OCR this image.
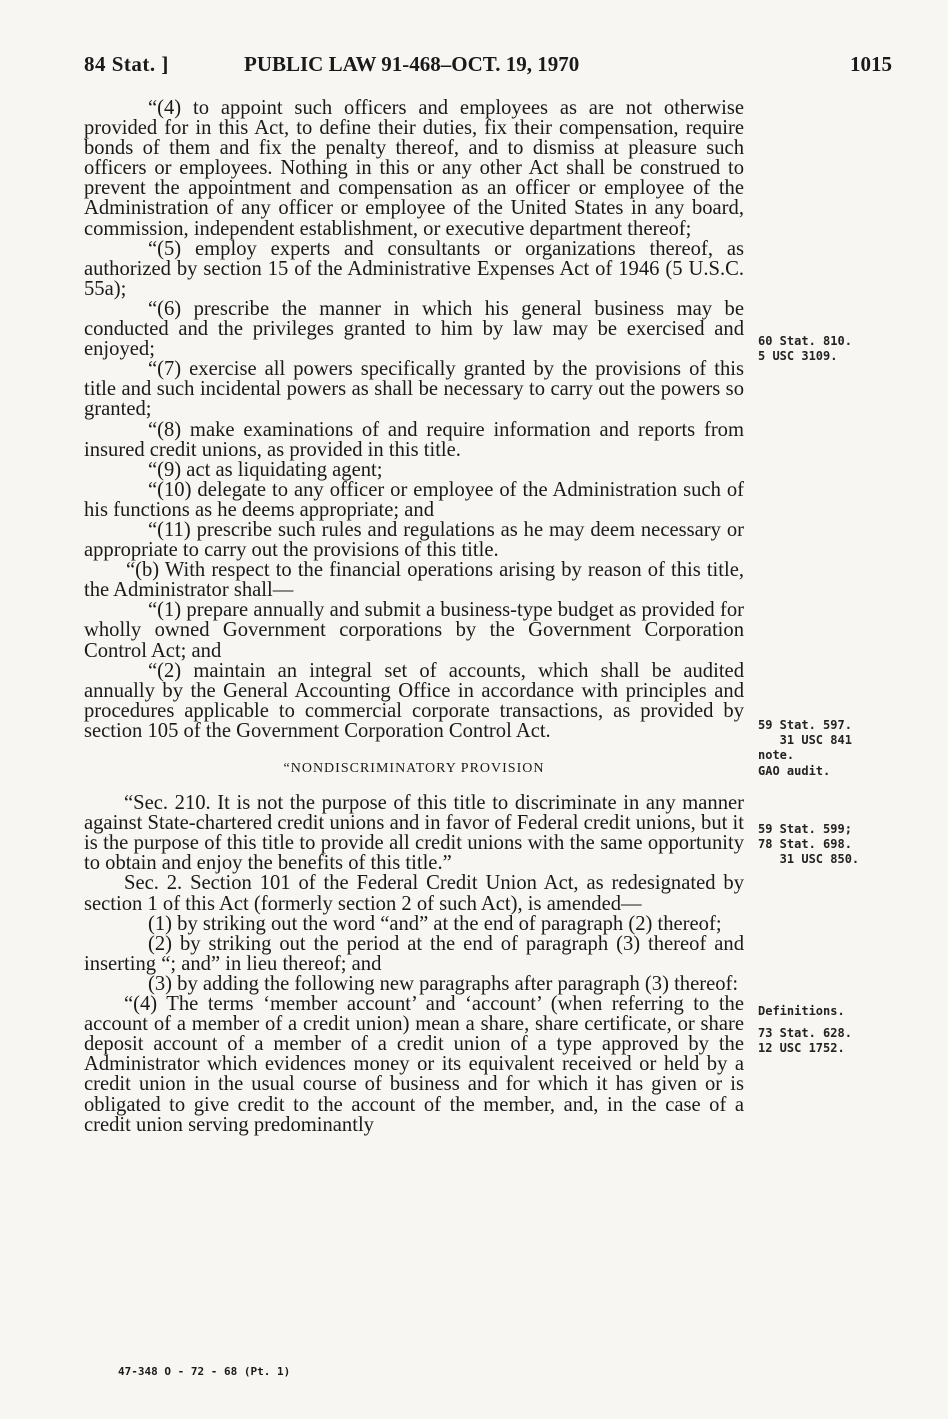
84 Stat. ]	PUBLIC LAW 91-468–OCT. 19, 1970	1015

“(4) to appoint such officers and employees as are not otherwise provided for in this Act, to define their duties, fix their compensation, require bonds of them and fix the penalty thereof, and to dismiss at pleasure such officers or employees. Nothing in this or any other Act shall be construed to prevent the appointment and compensation as an officer or employee of the Administration of any officer or employee of the United States in any board, commission, independent establishment, or executive department thereof;

“(5) employ experts and consultants or organizations thereof, as authorized by section 15 of the Administrative Expenses Act of 1946 (5 U.S.C. 55a);

“(6) prescribe the manner in which his general business may be conducted and the privileges granted to him by law may be exercised and enjoyed;

“(7) exercise all powers specifically granted by the provisions of this title and such incidental powers as shall be necessary to carry out the powers so granted;

“(8) make examinations of and require information and reports from insured credit unions, as provided in this title.

“(9) act as liquidating agent;

“(10) delegate to any officer or employee of the Administration such of his functions as he deems appropriate; and

“(11) prescribe such rules and regulations as he may deem necessary or appropriate to carry out the provisions of this title.

“(b) With respect to the financial operations arising by reason of this title, the Administrator shall—

“(1) prepare annually and submit a business-type budget as provided for wholly owned Government corporations by the Government Corporation Control Act; and

“(2) maintain an integral set of accounts, which shall be audited annually by the General Accounting Office in accordance with principles and procedures applicable to commercial corporate transactions, as provided by section 105 of the Government Corporation Control Act.

“NONDISCRIMINATORY PROVISION

“Sec. 210. It is not the purpose of this title to discriminate in any manner against State-chartered credit unions and in favor of Federal credit unions, but it is the purpose of this title to provide all credit unions with the same opportunity to obtain and enjoy the benefits of this title.”

Sec. 2. Section 101 of the Federal Credit Union Act, as redesignated by section 1 of this Act (formerly section 2 of such Act), is amended—

(1) by striking out the word “and” at the end of paragraph (2) thereof;

(2) by striking out the period at the end of paragraph (3) thereof and inserting “; and” in lieu thereof; and

(3) by adding the following new paragraphs after paragraph (3) thereof:

“(4) The terms ‘member account’ and ‘account’ (when referring to the account of a member of a credit union) mean a share, share certificate, or share deposit account of a member of a credit union of a type approved by the Administrator which evidences money or its equivalent received or held by a credit union in the usual course of business and for which it has given or is obligated to give credit to the account of the member, and, in the case of a credit union serving predominantly

60 Stat. 810.
5 USC 3109.
59 Stat. 597.
31 USC 841
note.
GAO audit.
59 Stat. 599;
78 Stat. 698.
31 USC 850.
Definitions.
73 Stat. 628.
12 USC 1752.
47-348 O - 72 - 68 (Pt. 1)
